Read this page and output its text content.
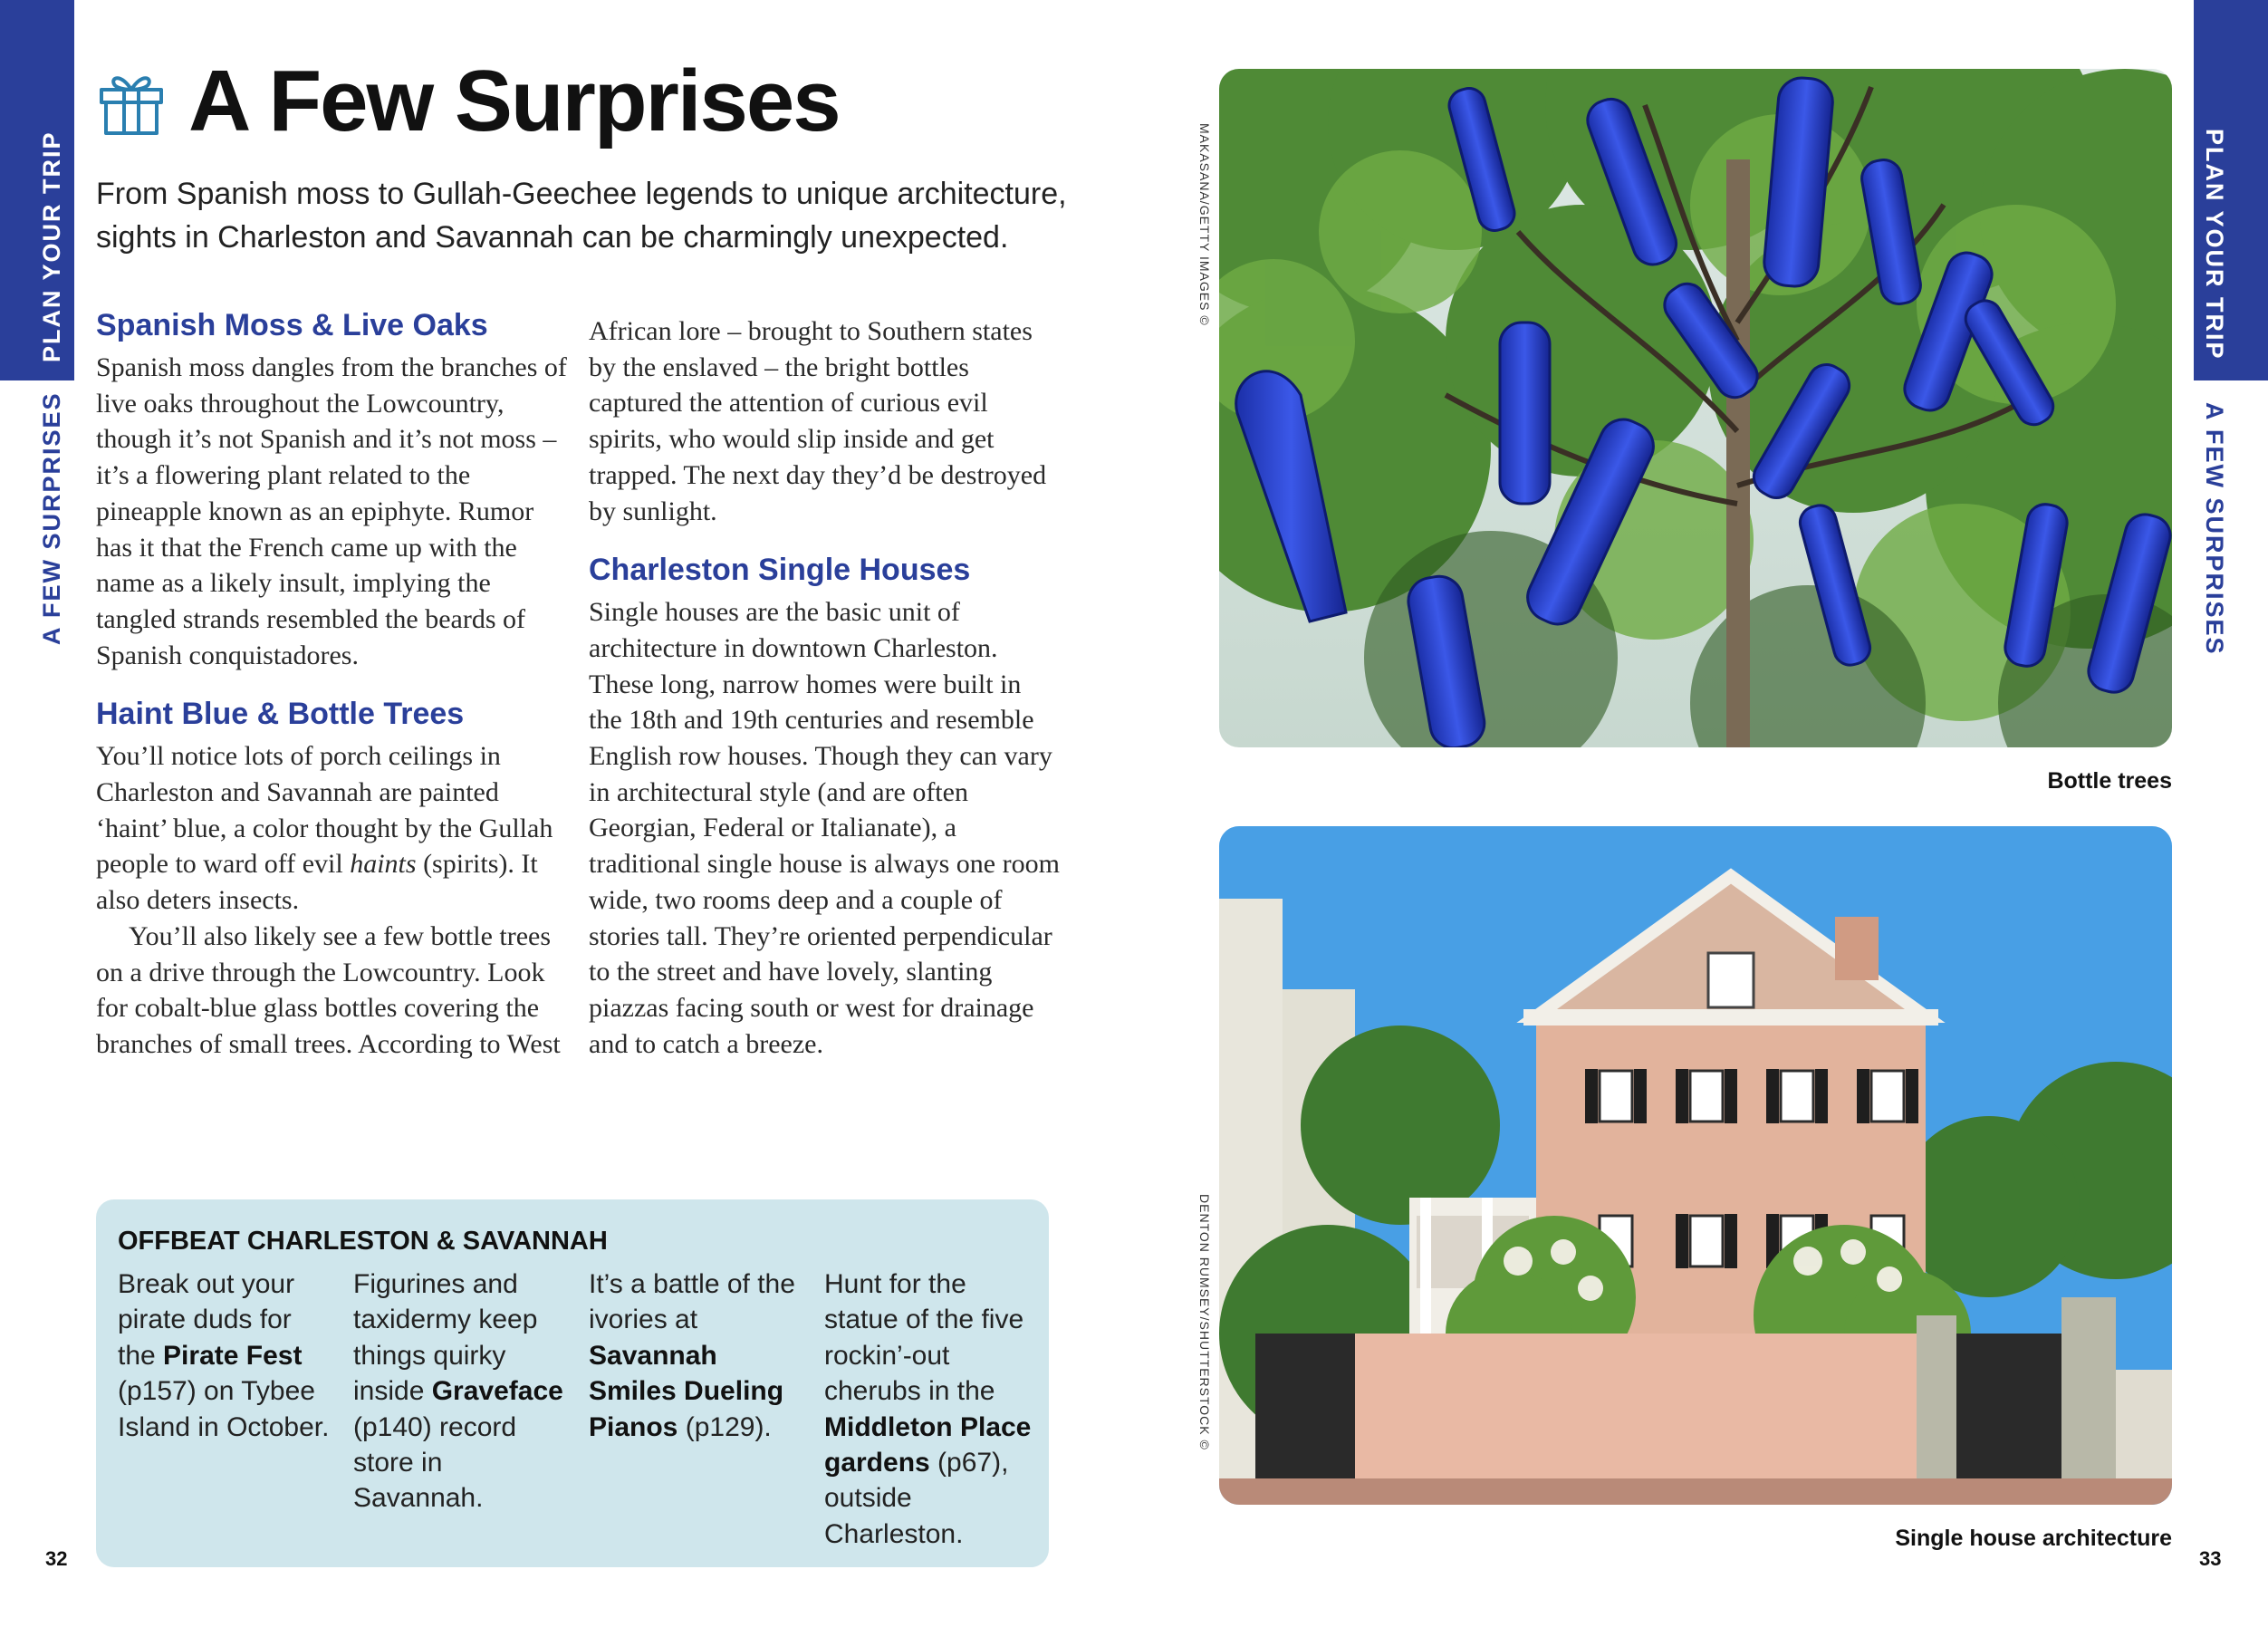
PLAN YOUR TRIP
A FEW SURPRISES
PLAN YOUR TRIP
A FEW SURPRISES
A Few Surprises
From Spanish moss to Gullah-Geechee legends to unique architecture, sights in Charleston and Savannah can be charmingly unexpected.
Spanish Moss & Live Oaks

Spanish moss dangles from the branches of live oaks throughout the Lowcountry, though it’s not Spanish and it’s not moss – it’s a flowering plant related to the pineapple known as an epiphyte. Rumor has it that the French came up with the name as a likely insult, implying the tangled strands resembled the beards of Spanish conquistadores.

Haint Blue & Bottle Trees

You’ll notice lots of porch ceilings in Charleston and Savannah are painted ‘haint’ blue, a color thought by the Gullah people to ward off evil haints (spirits). It also deters insects.

You’ll also likely see a few bottle trees on a drive through the Lowcountry. Look for cobalt-blue glass bottles covering the branches of small trees. According to West

African lore – brought to Southern states by the enslaved – the bright bottles captured the attention of curious evil spirits, who would slip inside and get trapped. The next day they’d be destroyed by sunlight.

Charleston Single Houses

Single houses are the basic unit of architecture in downtown Charleston. These long, narrow homes were built in the 18th and 19th centuries and resemble English row houses. Though they can vary in architectural style (and are often Georgian, Federal or Italianate), a traditional single house is always one room wide, two rooms deep and a couple of stories tall. They’re oriented perpendicular to the street and have lovely, slanting piazzas facing south or west for drainage and to catch a breeze.

OFFBEAT CHARLESTON & SAVANNAH
Break out your pirate duds for the Pirate Fest (p157) on Tybee Island in October.
Figurines and taxidermy keep things quirky inside Graveface (p140) record store in Savannah.
It’s a battle of the ivories at Savannah Smiles Dueling Pianos (p129).
Hunt for the statue of the five rockin’-out cherubs in the Middleton Place gardens (p67), outside Charleston.
32	33
MAKASANA/GETTY IMAGES ©
DENTON RUMSEY/SHUTTERSTOCK ©
Bottle trees
Single house architecture
